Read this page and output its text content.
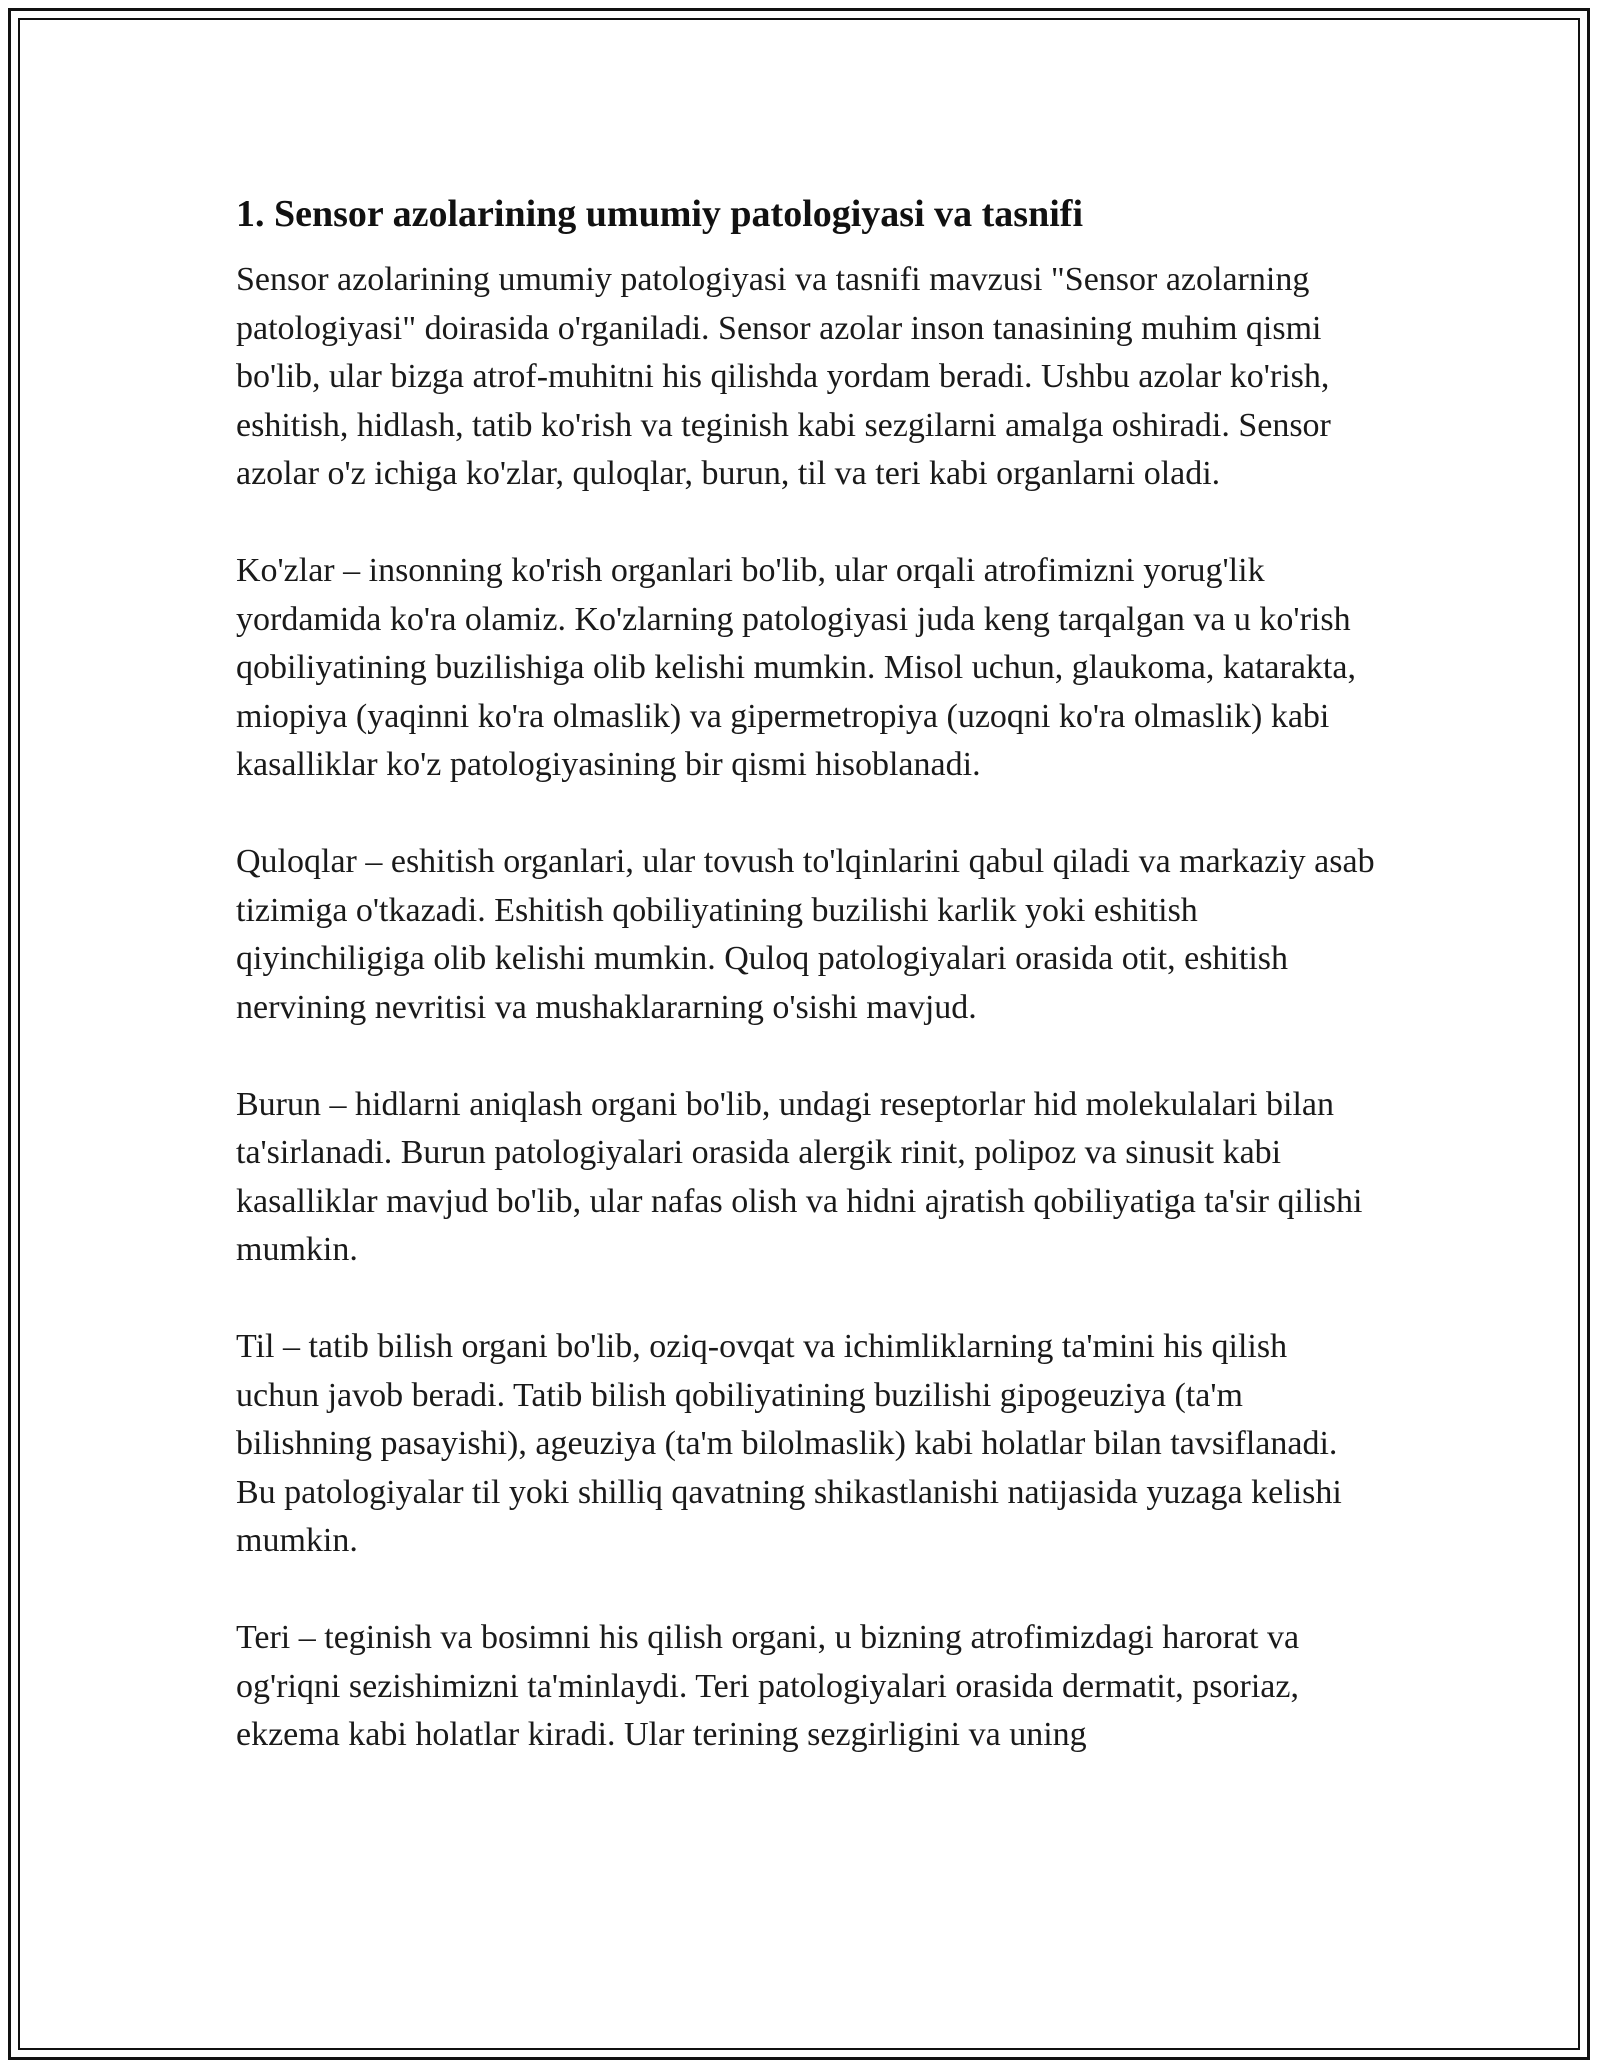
1. Sensor azolarining umumiy patologiyasi va tasnifi

Sensor azolarining umumiy patologiyasi va tasnifi mavzusi "Sensor azolarning patologiyasi" doirasida o'rganiladi. Sensor azolar inson tanasining muhim qismi bo'lib, ular bizga atrof-muhitni his qilishda yordam beradi. Ushbu azolar ko'rish, eshitish, hidlash, tatib ko'rish va teginish kabi sezgilarni amalga oshiradi. Sensor azolar o'z ichiga ko'zlar, quloqlar, burun, til va teri kabi organlarni oladi.

Ko'zlar – insonning ko'rish organlari bo'lib, ular orqali atrofimizni yorug'lik yordamida ko'ra olamiz. Ko'zlarning patologiyasi juda keng tarqalgan va u ko'rish qobiliyatining buzilishiga olib kelishi mumkin. Misol uchun, glaukoma, katarakta, miopiya (yaqinni ko'ra olmaslik) va gipermetropiya (uzoqni ko'ra olmaslik) kabi kasalliklar ko'z patologiyasining bir qismi hisoblanadi.

Quloqlar – eshitish organlari, ular tovush to'lqinlarini qabul qiladi va markaziy asab tizimiga o'tkazadi. Eshitish qobiliyatining buzilishi karlik yoki eshitish qiyinchiligiga olib kelishi mumkin. Quloq patologiyalari orasida otit, eshitish nervining nevritisi va mushaklararning o'sishi mavjud.

Burun – hidlarni aniqlash organi bo'lib, undagi reseptorlar hid molekulalari bilan ta'sirlanadi. Burun patologiyalari orasida alergik rinit, polipoz va sinusit kabi kasalliklar mavjud bo'lib, ular nafas olish va hidni ajratish qobiliyatiga ta'sir qilishi mumkin.

Til – tatib bilish organi bo'lib, oziq-ovqat va ichimliklarning ta'mini his qilish uchun javob beradi. Tatib bilish qobiliyatining buzilishi gipogeuziya (ta'm bilishning pasayishi), ageuziya (ta'm bilolmaslik) kabi holatlar bilan tavsiflanadi. Bu patologiyalar til yoki shilliq qavatning shikastlanishi natijasida yuzaga kelishi mumkin.

Teri – teginish va bosimni his qilish organi, u bizning atrofimizdagi harorat va og'riqni sezishimizni ta'minlaydi. Teri patologiyalari orasida dermatit, psoriaz, ekzema kabi holatlar kiradi. Ular terining sezgirligini va uning
